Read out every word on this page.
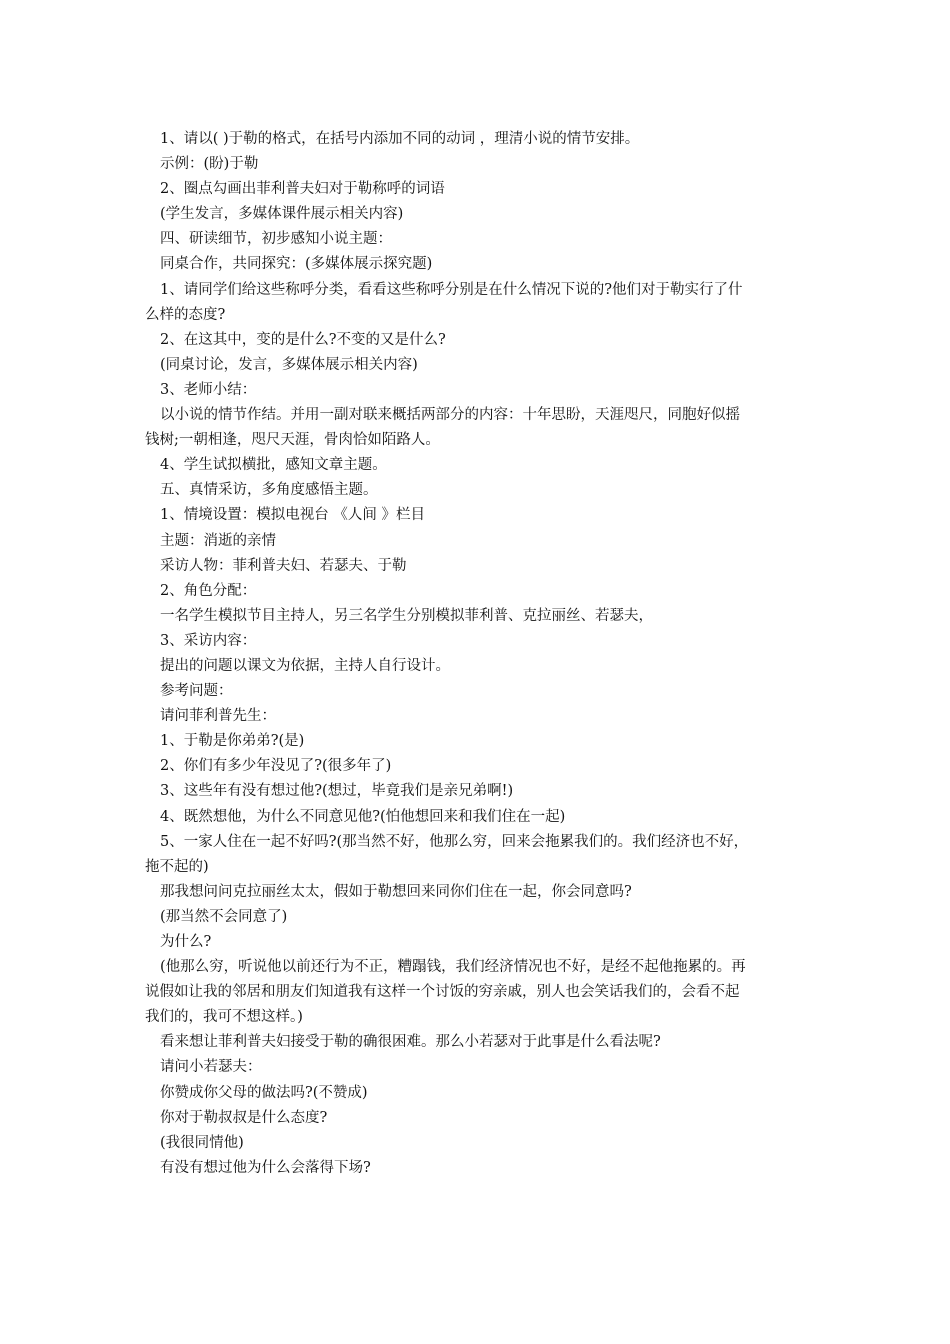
1、请以( )于勒的格式，在括号内添加不同的动词 ，理清小说的情节安排。

示例：(盼)于勒

2、圈点勾画出菲利普夫妇对于勒称呼的词语

(学生发言，多媒体课件展示相关内容)

四、研读细节，初步感知小说主题：

同桌合作，共同探究：(多媒体展示探究题)

1、请同学们给这些称呼分类，看看这些称呼分别是在什么情况下说的?他们对于勒实行了什

么样的态度?

2、在这其中，变的是什么?不变的又是什么?

(同桌讨论，发言，多媒体展示相关内容)

3、老师小结：

以小说的情节作结。并用一副对联来概括两部分的内容：十年思盼，天涯咫尺，同胞好似摇

钱树;一朝相逢，咫尺天涯，骨肉恰如陌路人。

4、学生试拟横批，感知文章主题。

五、真情采访，多角度感悟主题。

1、情境设置：模拟电视台 《人间 》栏目

主题：消逝的亲情

采访人物：菲利普夫妇、若瑟夫、于勒

2、角色分配：

一名学生模拟节目主持人，另三名学生分别模拟菲利普、克拉丽丝、若瑟夫，

3、采访内容：

提出的问题以课文为依据，主持人自行设计。

参考问题：

请问菲利普先生：

1、于勒是你弟弟?(是)

2、你们有多少年没见了?(很多年了)

3、这些年有没有想过他?(想过，毕竟我们是亲兄弟啊!)

4、既然想他，为什么不同意见他?(怕他想回来和我们住在一起)

5、一家人住在一起不好吗?(那当然不好，他那么穷，回来会拖累我们的。我们经济也不好，

拖不起的)

那我想问问克拉丽丝太太，假如于勒想回来同你们住在一起，你会同意吗?

(那当然不会同意了)

为什么?

(他那么穷，听说他以前还行为不正，糟蹋钱，我们经济情况也不好，是经不起他拖累的。再

说假如让我的邻居和朋友们知道我有这样一个讨饭的穷亲戚，别人也会笑话我们的，会看不起

我们的，我可不想这样。)

看来想让菲利普夫妇接受于勒的确很困难。那么小若瑟对于此事是什么看法呢?

请问小若瑟夫：

你赞成你父母的做法吗?(不赞成)

你对于勒叔叔是什么态度?

(我很同情他)

有没有想过他为什么会落得下场?
